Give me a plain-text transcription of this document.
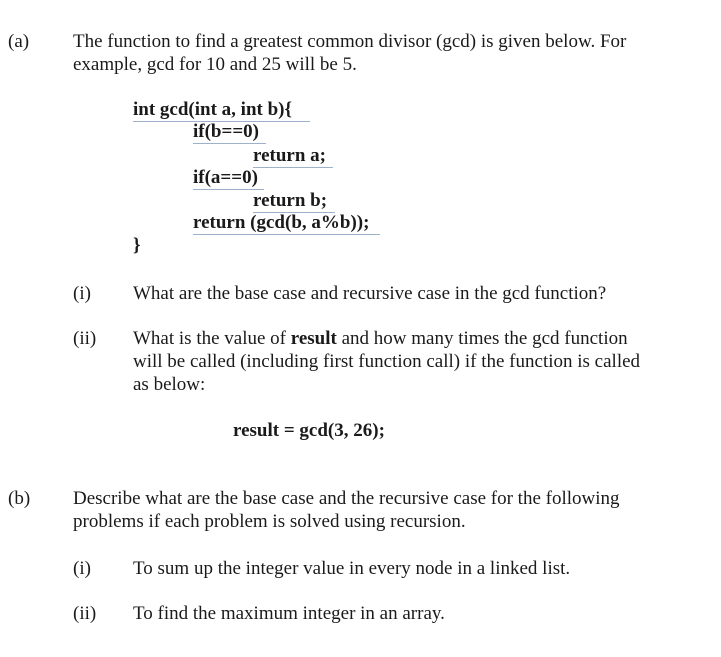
(a) The function to find a greatest common divisor (gcd) is given below. For
example, gcd for 10 and 25 will be 5.
int gcd(int a, int b){
if(b==0)
return a;
if(a==0)
return b;
return (gcd(b, a%b));
}
(i) What are the base case and recursive case in the gcd function?
(ii) What is the value of result and how many times the gcd function
will be called (including first function call) if the function is called
as below:
result = gcd(3, 26);
(b) Describe what are the base case and the recursive case for the following
problems if each problem is solved using recursion.
(i) To sum up the integer value in every node in a linked list.
(ii) To find the maximum integer in an array.
